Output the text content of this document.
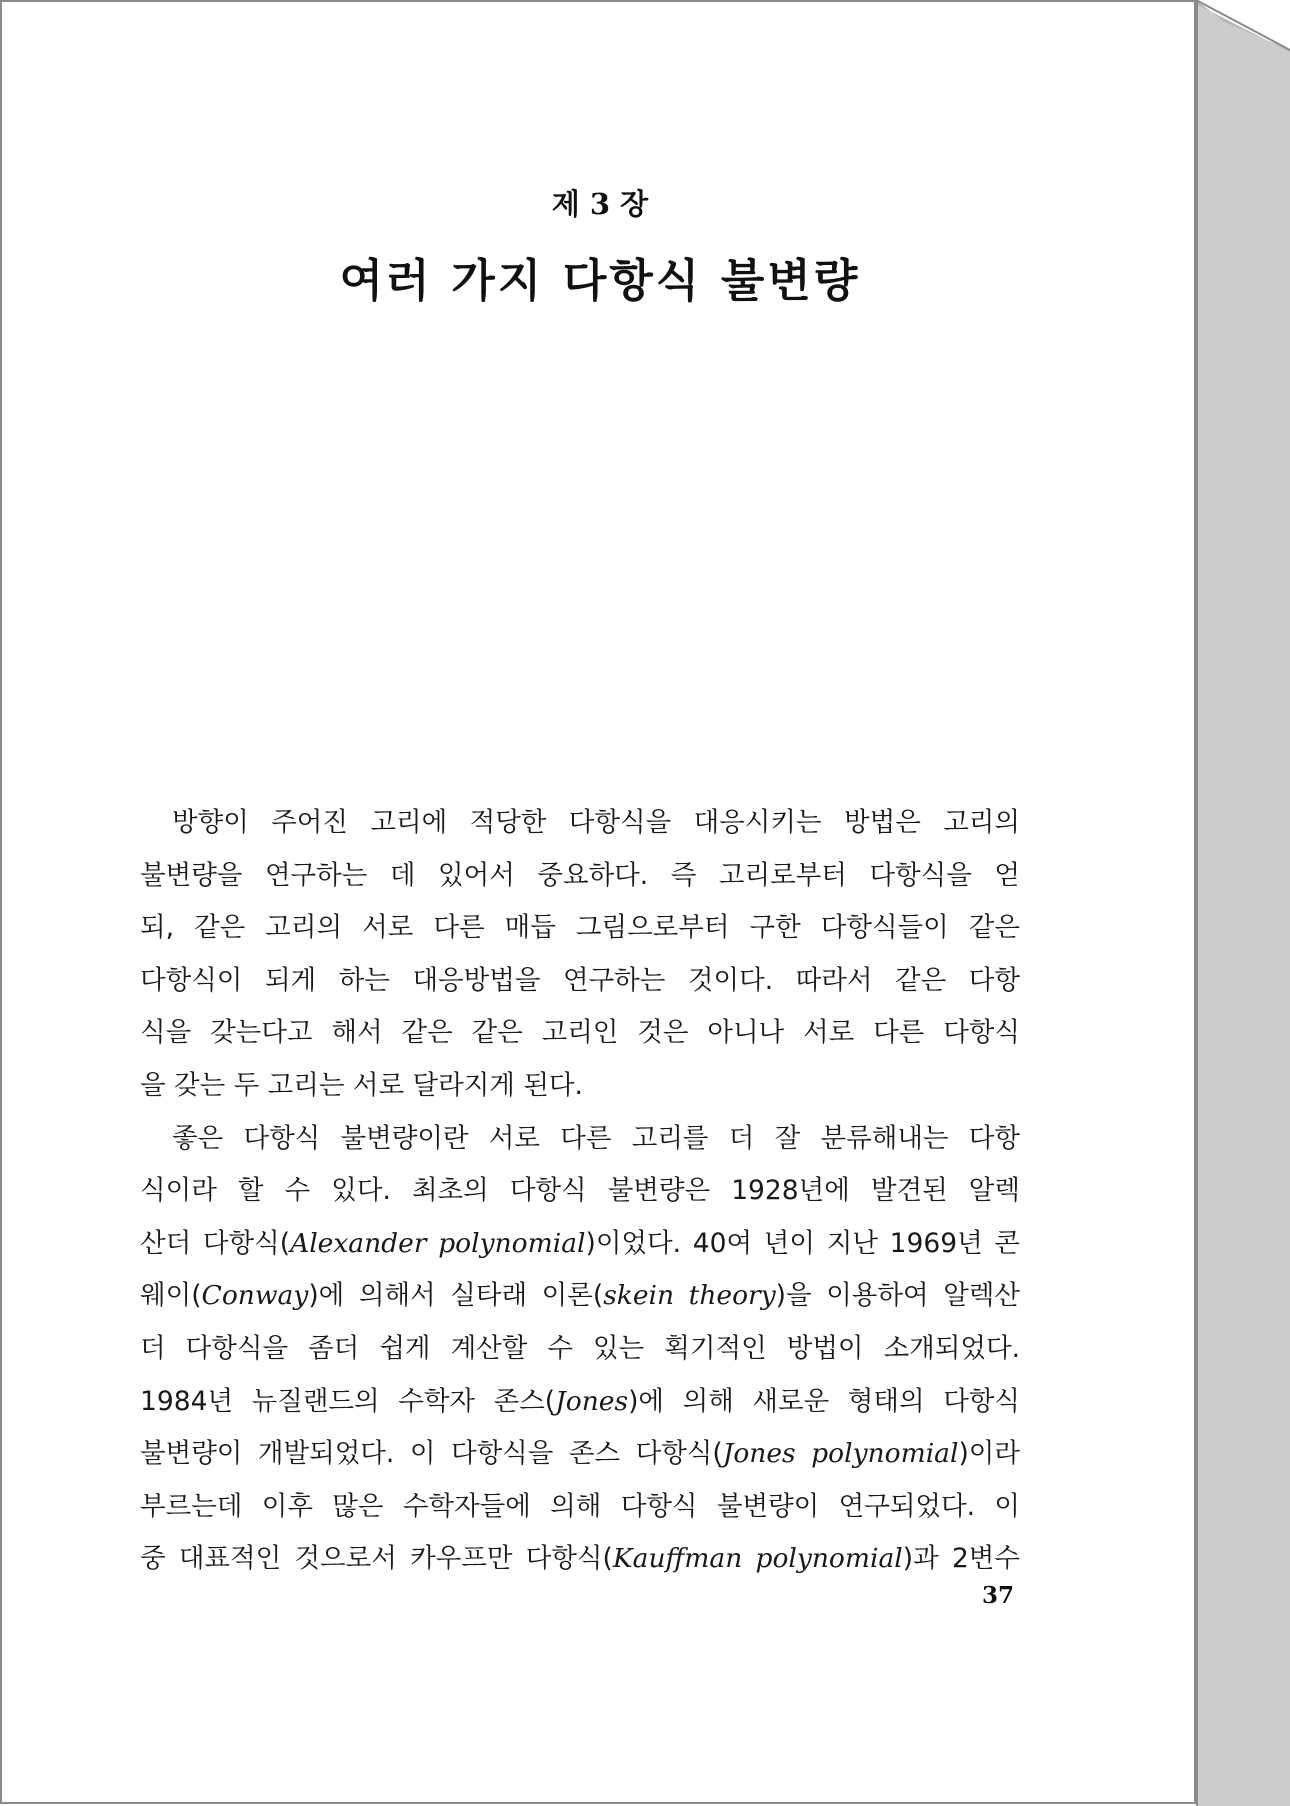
제 3 장
여러 가지 다항식 불변량
방향이 주어진 고리에 적당한 다항식을 대응시키는 방법은 고리의
불변량을 연구하는 데 있어서 중요하다. 즉 고리로부터 다항식을 얻
되, 같은 고리의 서로 다른 매듭 그림으로부터 구한 다항식들이 같은
다항식이 되게 하는 대응방법을 연구하는 것이다. 따라서 같은 다항
식을 갖는다고 해서 같은 같은 고리인 것은 아니나 서로 다른 다항식
을 갖는 두 고리는 서로 달라지게 된다.
좋은 다항식 불변량이란 서로 다른 고리를 더 잘 분류해내는 다항
식이라 할 수 있다. 최초의 다항식 불변량은 1928년에 발견된 알렉
산더 다항식(Alexander polynomial)이었다. 40여 년이 지난 1969년 콘
웨이(Conway)에 의해서 실타래 이론(skein theory)을 이용하여 알렉산
더 다항식을 좀더 쉽게 계산할 수 있는 획기적인 방법이 소개되었다.
1984년 뉴질랜드의 수학자 존스(Jones)에 의해 새로운 형태의 다항식
불변량이 개발되었다. 이 다항식을 존스 다항식(Jones polynomial)이라
부르는데 이후 많은 수학자들에 의해 다항식 불변량이 연구되었다. 이
중 대표적인 것으로서 카우프만 다항식(Kauffman polynomial)과 2변수
37
